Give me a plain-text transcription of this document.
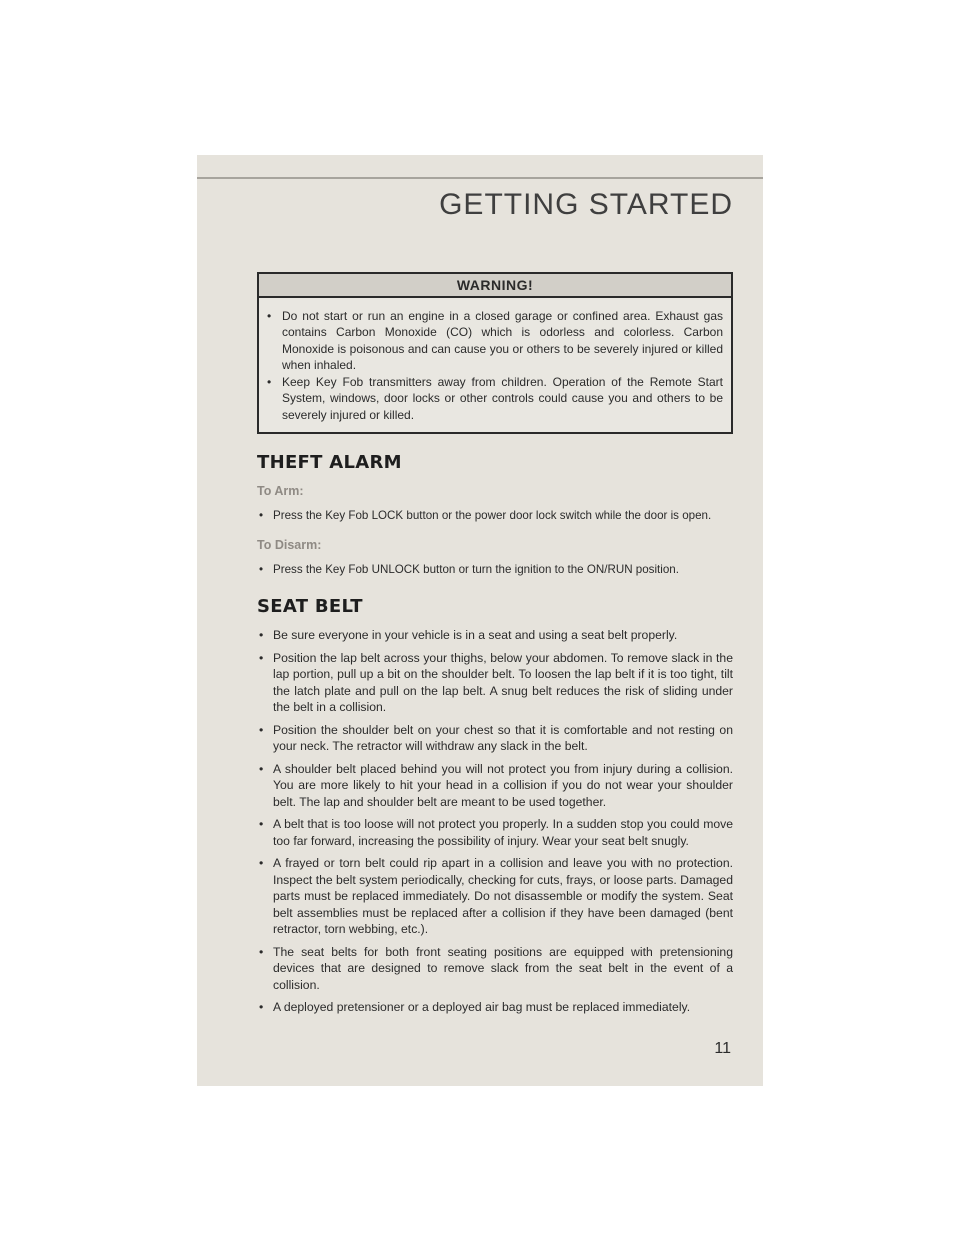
GETTING STARTED
WARNING!
• Do not start or run an engine in a closed garage or confined area. Exhaust gas contains Carbon Monoxide (CO) which is odorless and colorless. Carbon Monoxide is poisonous and can cause you or others to be severely injured or killed when inhaled.
• Keep Key Fob transmitters away from children. Operation of the Remote Start System, windows, door locks or other controls could cause you and others to be severely injured or killed.
THEFT ALARM
To Arm:
• Press the Key Fob LOCK button or the power door lock switch while the door is open.
To Disarm:
• Press the Key Fob UNLOCK button or turn the ignition to the ON/RUN position.
SEAT BELT
• Be sure everyone in your vehicle is in a seat and using a seat belt properly.
• Position the lap belt across your thighs, below your abdomen. To remove slack in the lap portion, pull up a bit on the shoulder belt. To loosen the lap belt if it is too tight, tilt the latch plate and pull on the lap belt. A snug belt reduces the risk of sliding under the belt in a collision.
• Position the shoulder belt on your chest so that it is comfortable and not resting on your neck. The retractor will withdraw any slack in the belt.
• A shoulder belt placed behind you will not protect you from injury during a collision. You are more likely to hit your head in a collision if you do not wear your shoulder belt. The lap and shoulder belt are meant to be used together.
• A belt that is too loose will not protect you properly. In a sudden stop you could move too far forward, increasing the possibility of injury. Wear your seat belt snugly.
• A frayed or torn belt could rip apart in a collision and leave you with no protection. Inspect the belt system periodically, checking for cuts, frays, or loose parts. Damaged parts must be replaced immediately. Do not disassemble or modify the system. Seat belt assemblies must be replaced after a collision if they have been damaged (bent retractor, torn webbing, etc.).
• The seat belts for both front seating positions are equipped with pretensioning devices that are designed to remove slack from the seat belt in the event of a collision.
• A deployed pretensioner or a deployed air bag must be replaced immediately.
11
